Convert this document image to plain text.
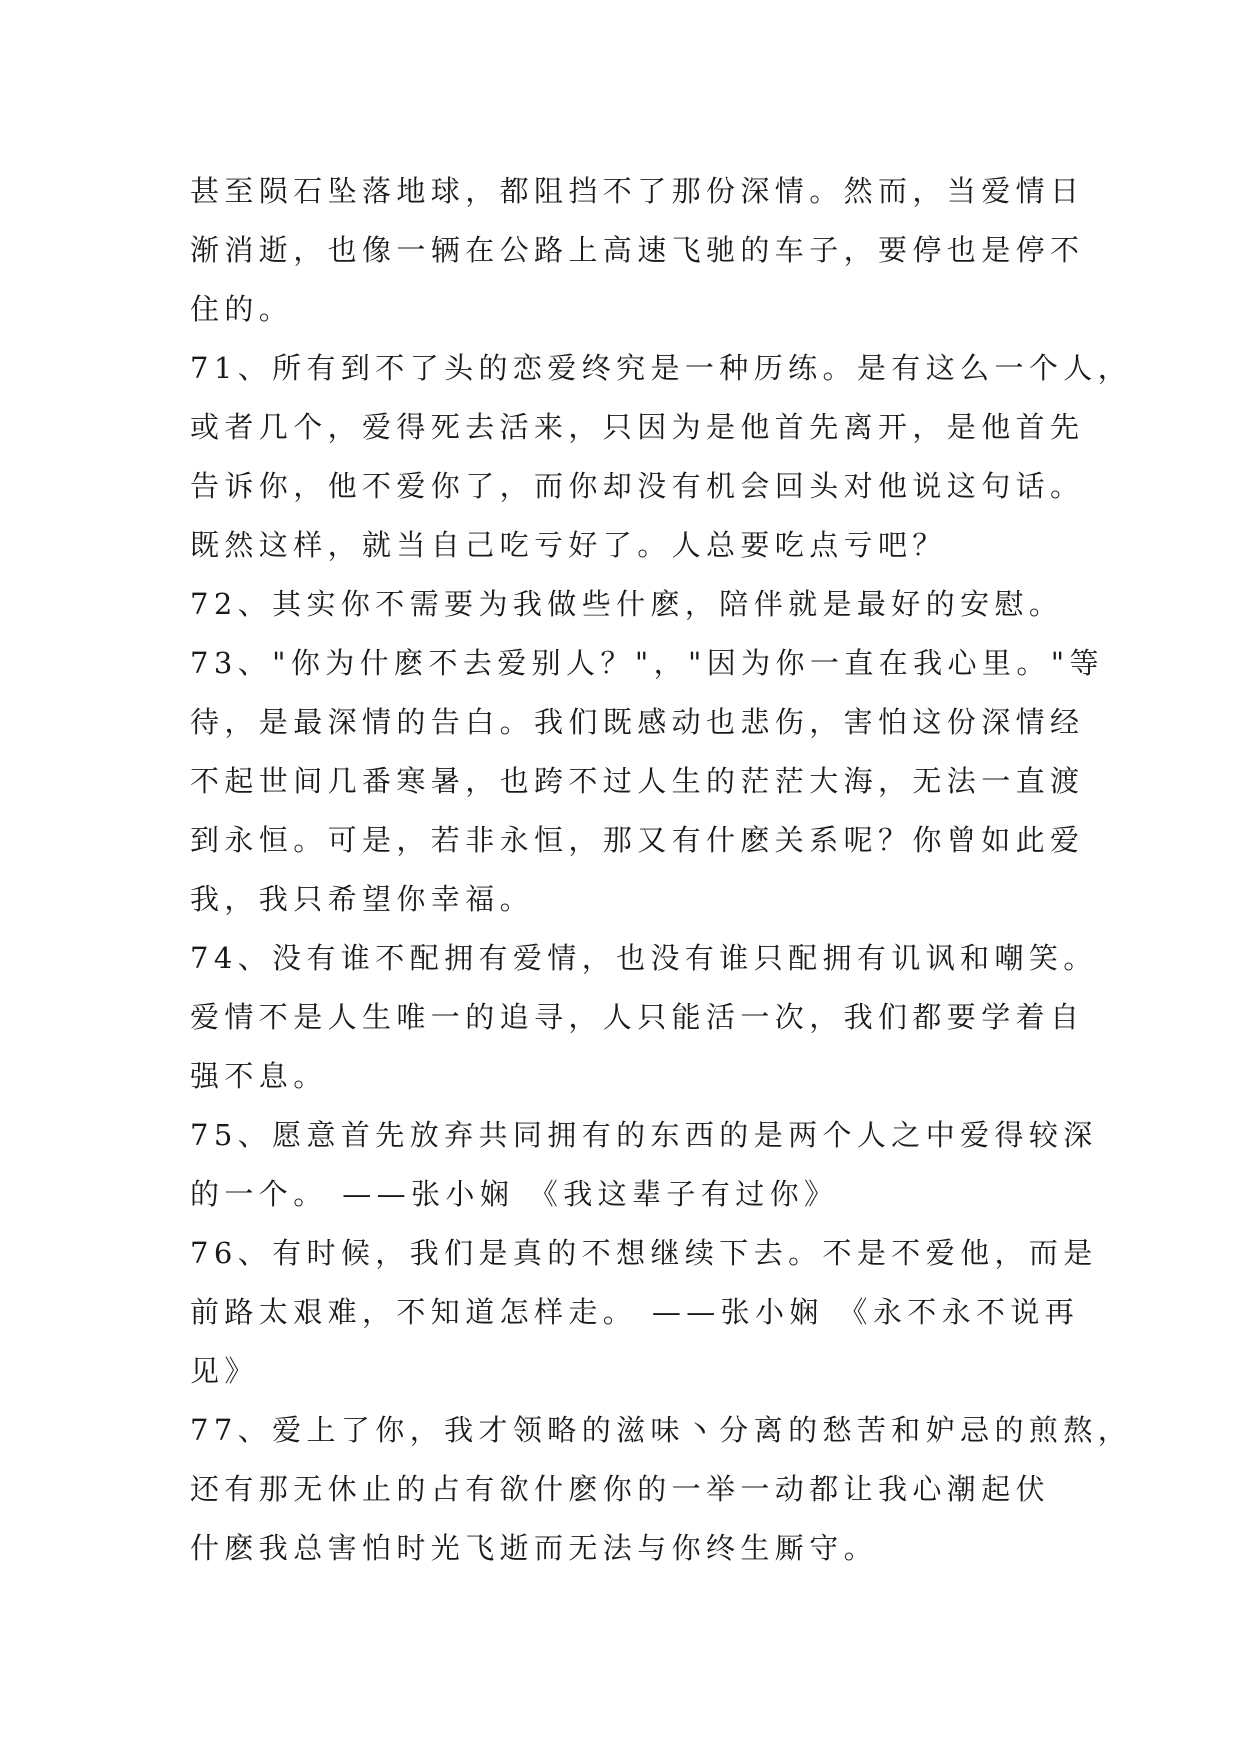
甚至陨石坠落地球，都阻挡不了那份深情。然而，当爱情日
渐消逝，也像一辆在公路上高速飞驰的车子，要停也是停不
住的。
71、所有到不了头的恋爱终究是一种历练。是有这么一个人，
或者几个，爱得死去活来，只因为是他首先离开，是他首先
告诉你，他不爱你了，而你却没有机会回头对他说这句话。
既然这样，就当自己吃亏好了。人总要吃点亏吧？
72、其实你不需要为我做些什麽，陪伴就是最好的安慰。
73、"你为什麽不去爱别人？"，"因为你一直在我心里。"等
待，是最深情的告白。我们既感动也悲伤，害怕这份深情经
不起世间几番寒暑，也跨不过人生的茫茫大海，无法一直渡
到永恒。可是，若非永恒，那又有什麽关系呢？你曾如此爱
我，我只希望你幸福。
74、没有谁不配拥有爱情，也没有谁只配拥有讥讽和嘲笑。
爱情不是人生唯一的追寻，人只能活一次，我们都要学着自
强不息。
75、愿意首先放弃共同拥有的东西的是两个人之中爱得较深
的一个。 ——张小娴 《我这辈子有过你》
76、有时候，我们是真的不想继续下去。不是不爱他，而是
前路太艰难，不知道怎样走。 ——张小娴 《永不永不说再
见》
77、爱上了你，我才领略的滋味丶分离的愁苦和妒忌的煎熬，
还有那无休止的占有欲什麽你的一举一动都让我心潮起伏
什麽我总害怕时光飞逝而无法与你终生厮守。
